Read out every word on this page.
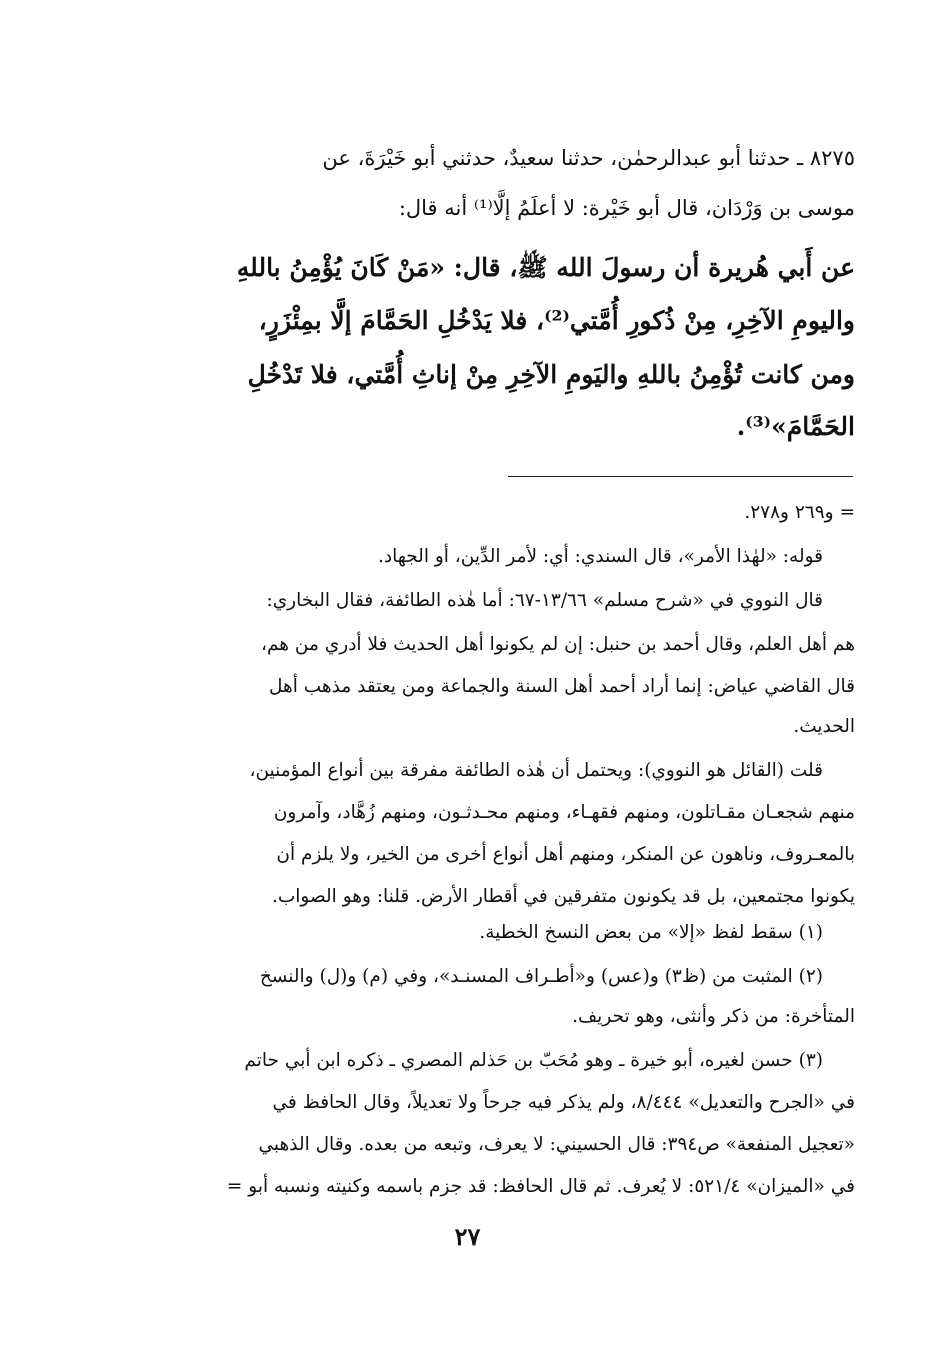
٨٢٧٥ ـ حدثنا أبو عبدالرحمٰن، حدثنا سعيدٌ، حدثني أبو خَيْرَةَ، عن
موسى بن وَرْدَان، قال أبو خَيْرة: لا أعلَمُ إلَّا⁽¹⁾ أنه قال:
عن أَبي هُريرة أن رسولَ الله ﷺ، قال: «مَنْ كَانَ يُؤْمِنُ باللهِ
واليومِ الآخِرِ، مِنْ ذُكورِ أُمَّتي⁽²⁾، فلا يَدْخُلِ الحَمَّامَ إلَّا بمِئْزَرٍ،
ومن كانت تُؤْمِنُ باللهِ واليَومِ الآخِرِ مِنْ إناثِ أُمَّتي، فلا تَدْخُلِ
الحَمَّامَ»⁽³⁾.
= و٢٦٩ و٢٧٨.
قوله: «لهٰذا الأمر»، قال السندي: أي: لأمر الدِّين، أو الجهاد.
قال النووي في «شرح مسلم» ١٣/٦٦-٦٧: أما هٰذه الطائفة، فقال البخاري:
هم أهل العلم، وقال أحمد بن حنبل: إن لم يكونوا أهل الحديث فلا أدري من هم،
قال القاضي عياض: إنما أراد أحمد أهل السنة والجماعة ومن يعتقد مذهب أهل
الحديث.
قلت (القائل هو النووي): ويحتمل أن هٰذه الطائفة مفرقة بين أنواع المؤمنين،
منهم شجعـان مقـاتلون، ومنهم فقهـاء، ومنهم محـدثـون، ومنهم زُهَّاد، وآمرون
بالمعـروف، وناهون عن المنكر، ومنهم أهل أنواع أخرى من الخير، ولا يلزم أن
يكونوا مجتمعين، بل قد يكونون متفرقين في أقطار الأرض. قلنا: وهو الصواب.
(١) سقط لفظ «إلا» من بعض النسخ الخطية.
(٢) المثبت من (ظ٣) و(عس) و«أطـراف المسنـد»، وفي (م) و(ل) والنسخ
المتأخرة: من ذكر وأنثى، وهو تحريف.
(٣) حسن لغيره، أبو خيرة ـ وهو مُحَبّ بن حَذلم المصري ـ ذكره ابن أبي حاتم
في «الجرح والتعديل» ٨/٤٤٤، ولم يذكر فيه جرحاً ولا تعديلاً، وقال الحافظ في
«تعجيل المنفعة» ص٣٩٤: قال الحسيني: لا يعرف، وتبعه من بعده. وقال الذهبي
في «الميزان» ٥٢١/٤: لا يُعرف. ثم قال الحافظ: قد جزم باسمه وكنيته ونسبه أبو =
٢٧
